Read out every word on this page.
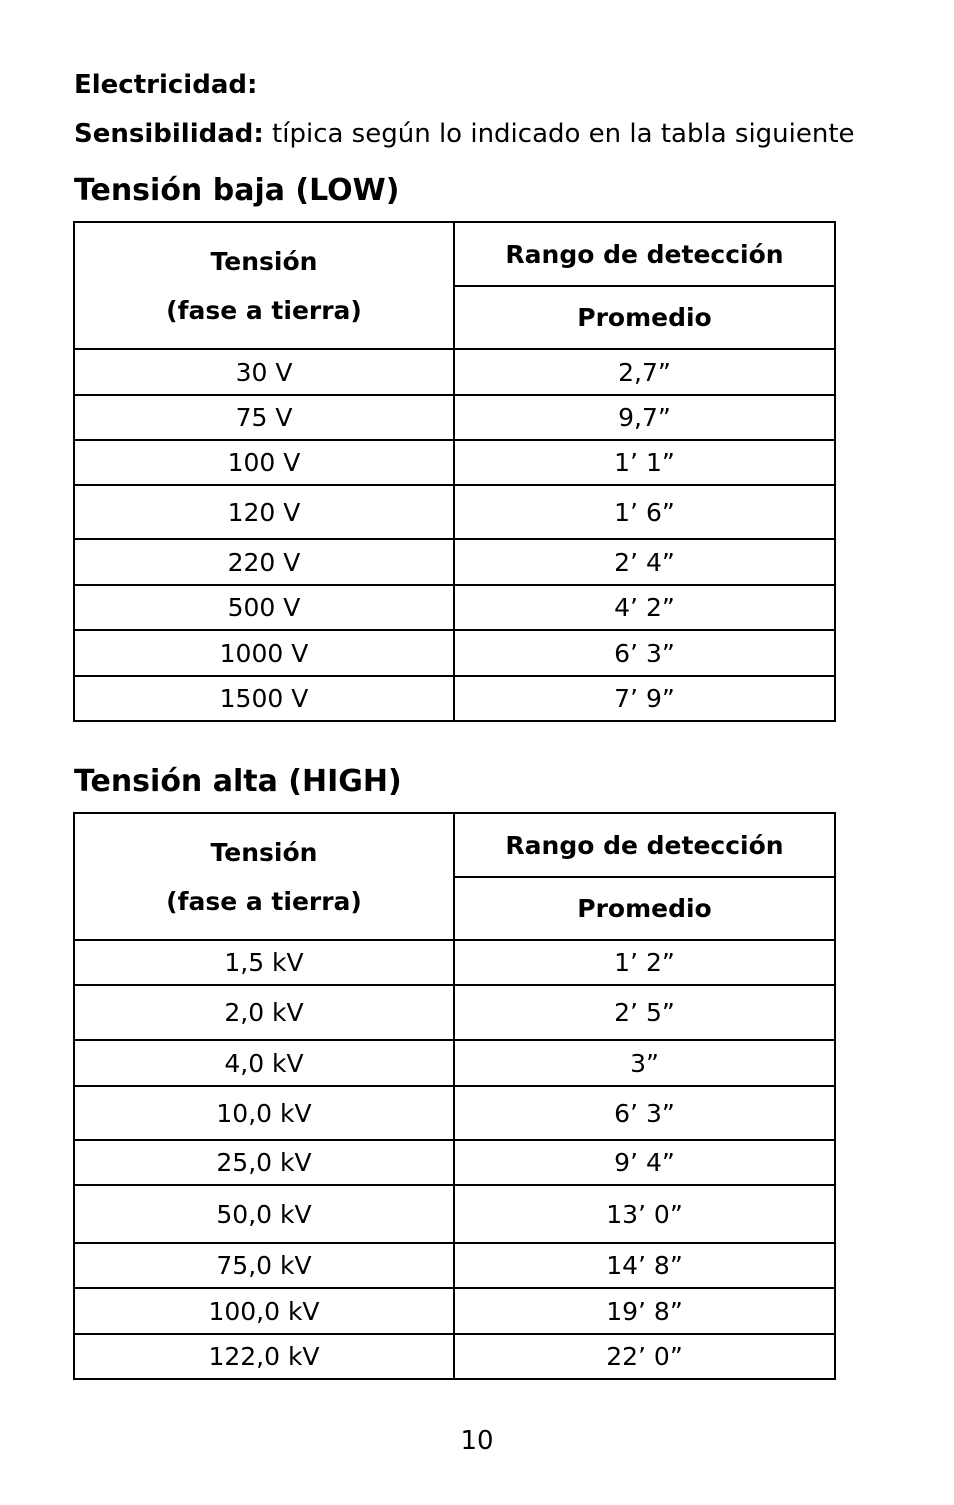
Electricidad:
Sensibilidad: típica según lo indicado en la tabla siguiente
Tensión baja (LOW)
Tensión
(fase a tierra)	Rango de detección
	Promedio
30 V	2,7”
75 V	9,7”
100 V	1’ 1”
120 V	1’ 6”
220 V	2’ 4”
500 V	4’ 2”
1000 V	6’ 3”
1500 V	7’ 9”
Tensión alta (HIGH)
Tensión
(fase a tierra)	Rango de detección
	Promedio
1,5 kV	1’ 2”
2,0 kV	2’ 5”
4,0 kV	3”
10,0 kV	6’ 3”
25,0 kV	9’ 4”
50,0 kV	13’ 0”
75,0 kV	14’ 8”
100,0 kV	19’ 8”
122,0 kV	22’ 0”
10
